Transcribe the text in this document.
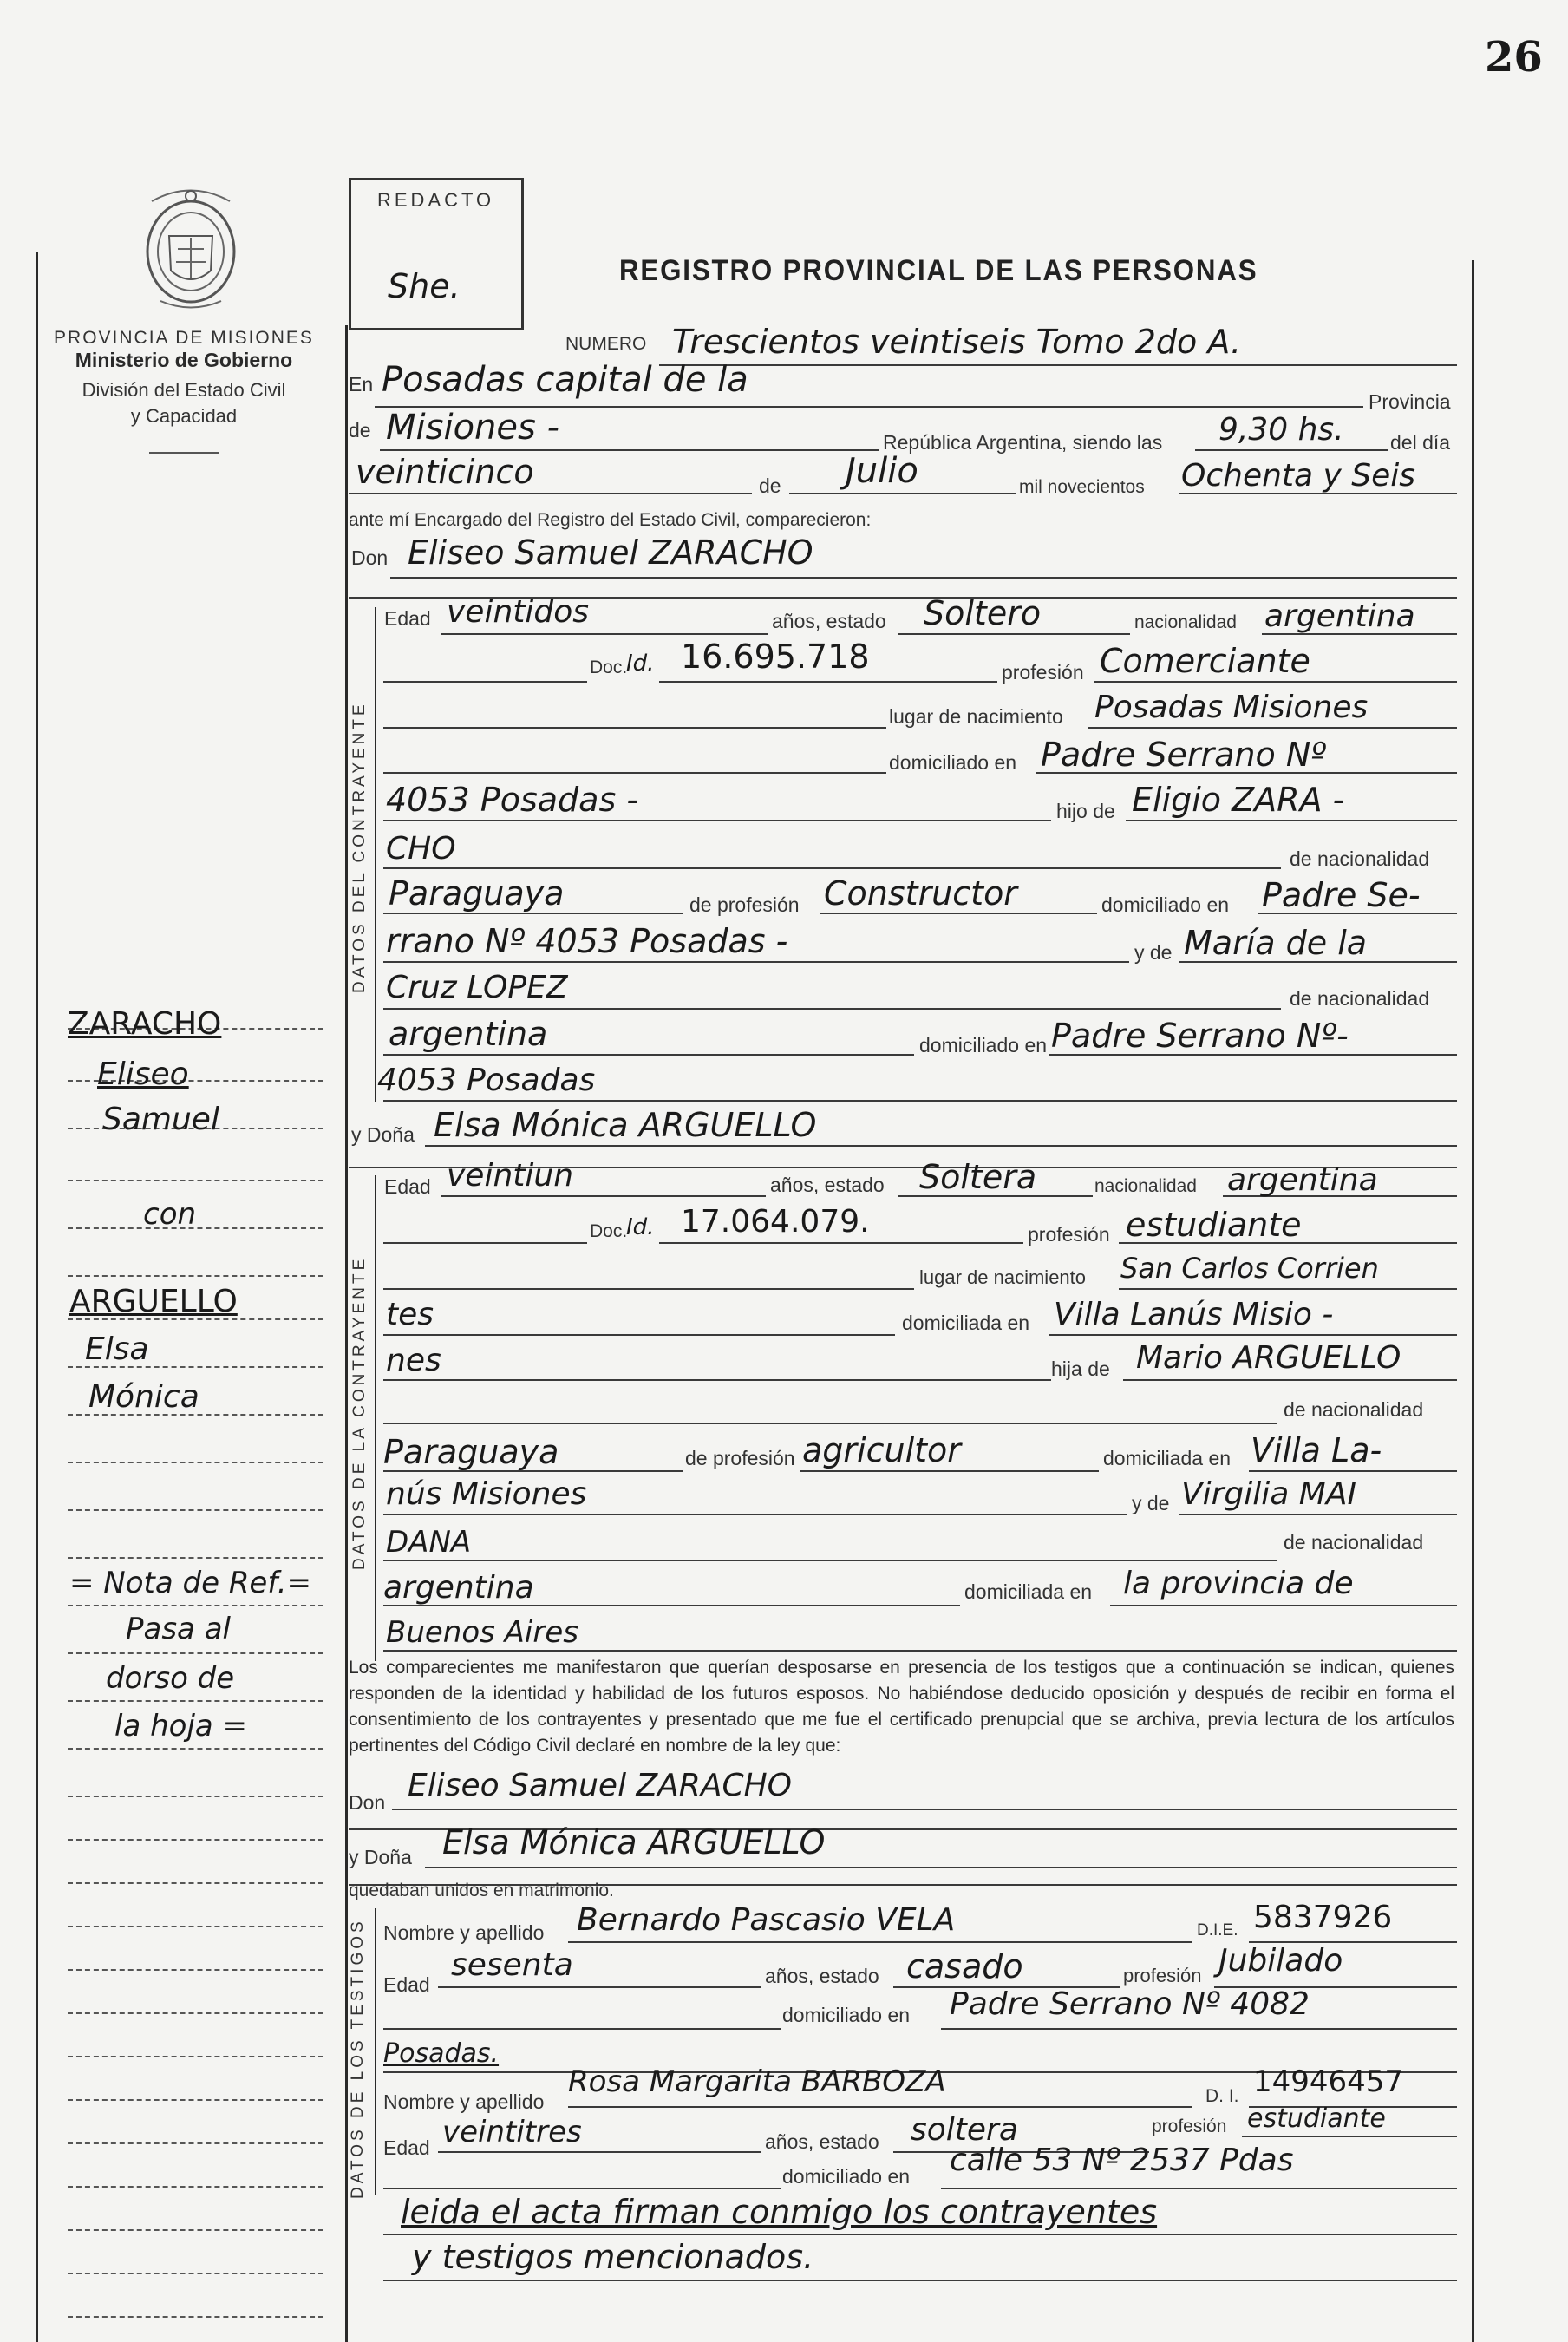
26
REDACTO
She.
PROVINCIA DE MISIONES
Ministerio de Gobierno
División del Estado Civil
y Capacidad
REGISTRO PROVINCIAL DE LAS PERSONAS
NUMERO Trescientos veintiseis Tomo 2do A.
En Posadas capital de la
Provincia
de Misiones -	República Argentina, siendo las 9,30 hs. del día
veinticinco	de Julio	mil novecientos Ochenta y Seis
ante mí Encargado del Registro del Estado Civil, comparecieron:
Don Eliseo Samuel ZARACHO
DATOS DEL CONTRAYENTE
Edad veintidos	años, estado Soltero	nacionalidad argentina
Doc.
Id. 16.695.718	profesión Comerciante
lugar de nacimiento Posadas Misiones
domiciliado en Padre Serrano Nº
4053 Posadas -	hijo de Eligio ZARA -
CHO	de nacionalidad
Paraguaya	de profesión Constructor	domiciliado en Padre Se-
rrano Nº 4053 Posadas -	y de María de la
Cruz LOPEZ	de nacionalidad
argentina	domiciliado en Padre Serrano Nº-
4053 Posadas
y Doña Elsa Mónica ARGUELLO
DATOS DE LA CONTRAYENTE
Edad veintiun	años, estado Soltera	nacionalidad argentina
Doc.
Id. 17.064.079.	profesión estudiante
lugar de nacimiento San Carlos Corrien
tes	domiciliada en Villa Lanús Misio -
nes	hija de Mario ARGUELLO
de nacionalidad
Paraguaya	de profesión agricultor	domiciliada en Villa La-
nús Misiones	y de Virgilia MAI
DANA	de nacionalidad
argentina	domiciliada en la provincia de
Buenos Aires
Los comparecientes me manifestaron que querían desposarse en presencia de los testigos que a continuación se indican, quienes responden de la identidad y habilidad de los futuros esposos. No habiéndose deducido oposición y después de recibir en forma el consentimiento de los contrayentes y presentado que me fue el certificado prenupcial que se archiva, previa lectura de los artículos pertinentes del Código Civil declaré en nombre de la ley que:
Don Eliseo Samuel ZARACHO
y Doña Elsa Mónica ARGUELLO
quedaban unidos en matrimonio.
DATOS DE LOS TESTIGOS Nombre y apellido Bernardo Pascasio VELA	D.I.E. 5837926
Edad
sesenta	años, estado casado	profesión Jubilado
domiciliado en Padre Serrano Nº 4082
Posadas.
Nombre y apellido
Rosa Margarita BARBOZA	D. I. 14946457
Edad veintitres	años, estado soltera	profesión estudiante
domiciliado en calle 53 Nº 2537 Pdas
leida el acta firman conmigo los contrayentes
y testigos mencionados.
ZARACHO
Eliseo
Samuel
con
ARGUELLO
Elsa
Mónica
= Nota de Ref.=
Pasa al
dorso de
la hoja =
